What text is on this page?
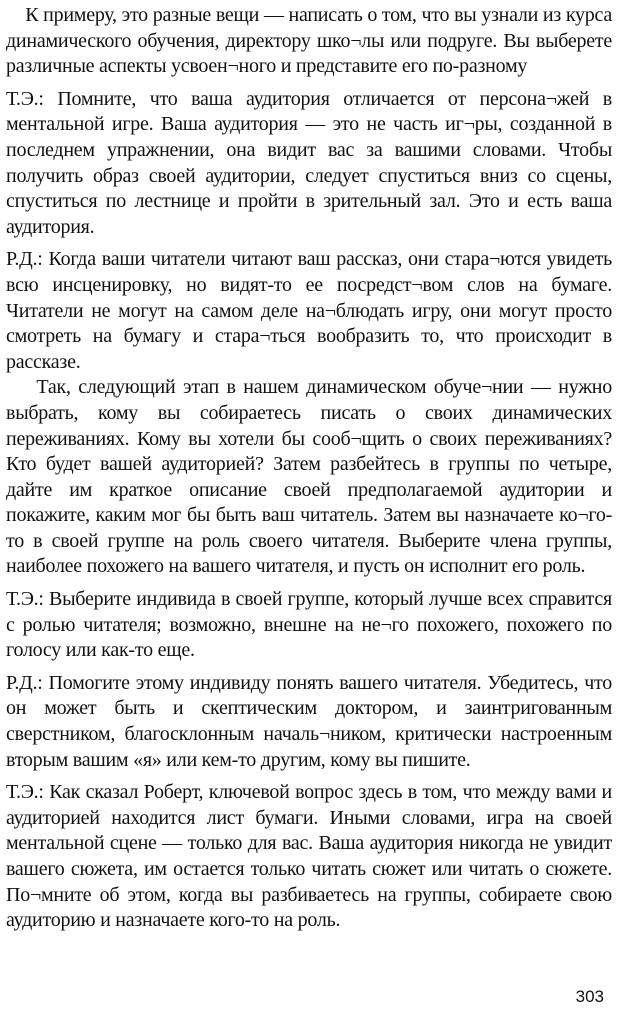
К примеру, это разные вещи — написать о том, что вы узнали из курса динамического обучения, директору шко¬лы или подруге. Вы выберете различные аспекты усвоен¬ного и представите его по-разному

Т.Э.: Помните, что ваша аудитория отличается от персона¬жей в ментальной игре. Ваша аудитория — это не часть иг¬ры, созданной в последнем упражнении, она видит вас за вашими словами. Чтобы получить образ своей аудитории, следует спуститься вниз со сцены, спуститься по лестнице и пройти в зрительный зал. Это и есть ваша аудитория.

Р.Д.: Когда ваши читатели читают ваш рассказ, они стара¬ются увидеть всю инсценировку, но видят-то ее посредст¬вом слов на бумаге. Читатели не могут на самом деле на¬блюдать игру, они могут просто смотреть на бумагу и стара¬ться вообразить то, что происходит в рассказе.

Так, следующий этап в нашем динамическом обуче¬нии — нужно выбрать, кому вы собираетесь писать о своих динамических переживаниях. Кому вы хотели бы сооб¬щить о своих переживаниях? Кто будет вашей аудиторией? Затем разбейтесь в группы по четыре, дайте им краткое описание своей предполагаемой аудитории и покажите, каким мог бы быть ваш читатель. Затем вы назначаете ко¬го-то в своей группе на роль своего читателя. Выберите члена группы, наиболее похожего на вашего читателя, и пусть он исполнит его роль.

Т.Э.: Выберите индивида в своей группе, который лучше всех справится с ролью читателя; возможно, внешне на не¬го похожего, похожего по голосу или как-то еще.

Р.Д.: Помогите этому индивиду понять вашего читателя. Убедитесь, что он может быть и скептическим доктором, и заинтригованным сверстником, благосклонным началь¬ником, критически настроенным вторым вашим «я» или кем-то другим, кому вы пишите.

Т.Э.: Как сказал Роберт, ключевой вопрос здесь в том, что между вами и аудиторией находится лист бумаги. Иными словами, игра на своей ментальной сцене — только для вас. Ваша аудитория никогда не увидит вашего сюжета, им остается только читать сюжет или читать о сюжете. По¬мните об этом, когда вы разбиваетесь на группы, собираете свою аудиторию и назначаете кого-то на роль.

303
